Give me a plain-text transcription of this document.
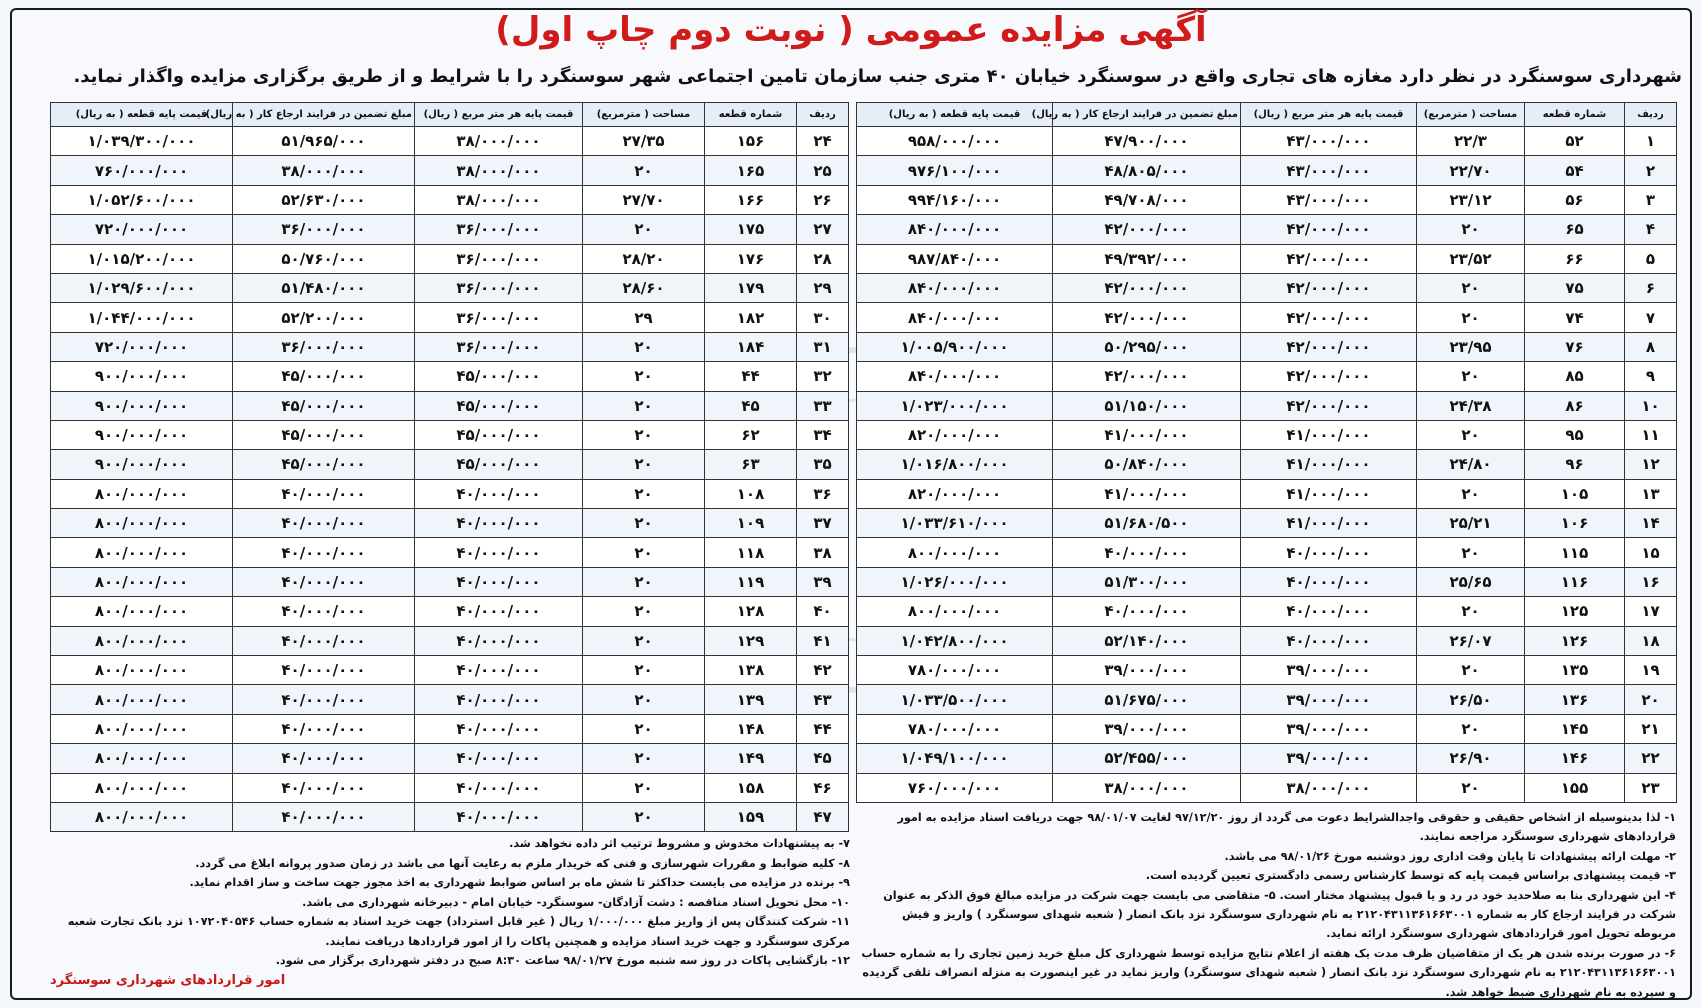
آگهی مزایده عمومی ( نوبت دوم چاپ اول)
شهرداری سوسنگرد در نظر دارد مغازه های تجاری واقع در سوسنگرد خیابان ۴۰ متری جنب سازمان تامین اجتماعی شهر سوسنگرد را با شرایط و از طریق برگزاری مزایده واگذار نماید.
ردیف	شماره قطعه	مساحت ( مترمربع)	قیمت پایه هر متر مربع ( ریال)	مبلغ تضمین در فرایند ارجاع کار ( به ریال)	قیمت پایه قطعه ( به ریال)
۱	۵۲	۲۲/۳	۴۳/۰۰۰/۰۰۰	۴۷/۹۰۰/۰۰۰	۹۵۸/۰۰۰/۰۰۰
۲	۵۴	۲۲/۷۰	۴۳/۰۰۰/۰۰۰	۴۸/۸۰۵/۰۰۰	۹۷۶/۱۰۰/۰۰۰
۳	۵۶	۲۳/۱۲	۴۳/۰۰۰/۰۰۰	۴۹/۷۰۸/۰۰۰	۹۹۴/۱۶۰/۰۰۰
۴	۶۵	۲۰	۴۲/۰۰۰/۰۰۰	۴۲/۰۰۰/۰۰۰	۸۴۰/۰۰۰/۰۰۰
۵	۶۶	۲۳/۵۲	۴۲/۰۰۰/۰۰۰	۴۹/۳۹۲/۰۰۰	۹۸۷/۸۴۰/۰۰۰
۶	۷۵	۲۰	۴۲/۰۰۰/۰۰۰	۴۲/۰۰۰/۰۰۰	۸۴۰/۰۰۰/۰۰۰
۷	۷۴	۲۰	۴۲/۰۰۰/۰۰۰	۴۲/۰۰۰/۰۰۰	۸۴۰/۰۰۰/۰۰۰
۸	۷۶	۲۳/۹۵	۴۲/۰۰۰/۰۰۰	۵۰/۲۹۵/۰۰۰	۱/۰۰۵/۹۰۰/۰۰۰
۹	۸۵	۲۰	۴۲/۰۰۰/۰۰۰	۴۲/۰۰۰/۰۰۰	۸۴۰/۰۰۰/۰۰۰
۱۰	۸۶	۲۴/۳۸	۴۲/۰۰۰/۰۰۰	۵۱/۱۵۰/۰۰۰	۱/۰۲۳/۰۰۰/۰۰۰
۱۱	۹۵	۲۰	۴۱/۰۰۰/۰۰۰	۴۱/۰۰۰/۰۰۰	۸۲۰/۰۰۰/۰۰۰
۱۲	۹۶	۲۴/۸۰	۴۱/۰۰۰/۰۰۰	۵۰/۸۴۰/۰۰۰	۱/۰۱۶/۸۰۰/۰۰۰
۱۳	۱۰۵	۲۰	۴۱/۰۰۰/۰۰۰	۴۱/۰۰۰/۰۰۰	۸۲۰/۰۰۰/۰۰۰
۱۴	۱۰۶	۲۵/۲۱	۴۱/۰۰۰/۰۰۰	۵۱/۶۸۰/۵۰۰	۱/۰۳۳/۶۱۰/۰۰۰
۱۵	۱۱۵	۲۰	۴۰/۰۰۰/۰۰۰	۴۰/۰۰۰/۰۰۰	۸۰۰/۰۰۰/۰۰۰
۱۶	۱۱۶	۲۵/۶۵	۴۰/۰۰۰/۰۰۰	۵۱/۳۰۰/۰۰۰	۱/۰۲۶/۰۰۰/۰۰۰
۱۷	۱۲۵	۲۰	۴۰/۰۰۰/۰۰۰	۴۰/۰۰۰/۰۰۰	۸۰۰/۰۰۰/۰۰۰
۱۸	۱۲۶	۲۶/۰۷	۴۰/۰۰۰/۰۰۰	۵۲/۱۴۰/۰۰۰	۱/۰۴۲/۸۰۰/۰۰۰
۱۹	۱۳۵	۲۰	۳۹/۰۰۰/۰۰۰	۳۹/۰۰۰/۰۰۰	۷۸۰/۰۰۰/۰۰۰
۲۰	۱۳۶	۲۶/۵۰	۳۹/۰۰۰/۰۰۰	۵۱/۶۷۵/۰۰۰	۱/۰۳۳/۵۰۰/۰۰۰
۲۱	۱۴۵	۲۰	۳۹/۰۰۰/۰۰۰	۳۹/۰۰۰/۰۰۰	۷۸۰/۰۰۰/۰۰۰
۲۲	۱۴۶	۲۶/۹۰	۳۹/۰۰۰/۰۰۰	۵۲/۴۵۵/۰۰۰	۱/۰۴۹/۱۰۰/۰۰۰
۲۳	۱۵۵	۲۰	۳۸/۰۰۰/۰۰۰	۳۸/۰۰۰/۰۰۰	۷۶۰/۰۰۰/۰۰۰
ردیف	شماره قطعه	مساحت ( مترمربع)	قیمت پایه هر متر مربع ( ریال)	مبلغ تضمین در فرایند ارجاع کار ( به ریال)	قیمت پایه قطعه ( به ریال)
۲۴	۱۵۶	۲۷/۳۵	۳۸/۰۰۰/۰۰۰	۵۱/۹۶۵/۰۰۰	۱/۰۳۹/۳۰۰/۰۰۰
۲۵	۱۶۵	۲۰	۳۸/۰۰۰/۰۰۰	۳۸/۰۰۰/۰۰۰	۷۶۰/۰۰۰/۰۰۰
۲۶	۱۶۶	۲۷/۷۰	۳۸/۰۰۰/۰۰۰	۵۲/۶۳۰/۰۰۰	۱/۰۵۲/۶۰۰/۰۰۰
۲۷	۱۷۵	۲۰	۳۶/۰۰۰/۰۰۰	۳۶/۰۰۰/۰۰۰	۷۲۰/۰۰۰/۰۰۰
۲۸	۱۷۶	۲۸/۲۰	۳۶/۰۰۰/۰۰۰	۵۰/۷۶۰/۰۰۰	۱/۰۱۵/۲۰۰/۰۰۰
۲۹	۱۷۹	۲۸/۶۰	۳۶/۰۰۰/۰۰۰	۵۱/۴۸۰/۰۰۰	۱/۰۲۹/۶۰۰/۰۰۰
۳۰	۱۸۲	۲۹	۳۶/۰۰۰/۰۰۰	۵۲/۲۰۰/۰۰۰	۱/۰۴۴/۰۰۰/۰۰۰
۳۱	۱۸۴	۲۰	۳۶/۰۰۰/۰۰۰	۳۶/۰۰۰/۰۰۰	۷۲۰/۰۰۰/۰۰۰
۳۲	۴۴	۲۰	۴۵/۰۰۰/۰۰۰	۴۵/۰۰۰/۰۰۰	۹۰۰/۰۰۰/۰۰۰
۳۳	۴۵	۲۰	۴۵/۰۰۰/۰۰۰	۴۵/۰۰۰/۰۰۰	۹۰۰/۰۰۰/۰۰۰
۳۴	۶۲	۲۰	۴۵/۰۰۰/۰۰۰	۴۵/۰۰۰/۰۰۰	۹۰۰/۰۰۰/۰۰۰
۳۵	۶۳	۲۰	۴۵/۰۰۰/۰۰۰	۴۵/۰۰۰/۰۰۰	۹۰۰/۰۰۰/۰۰۰
۳۶	۱۰۸	۲۰	۴۰/۰۰۰/۰۰۰	۴۰/۰۰۰/۰۰۰	۸۰۰/۰۰۰/۰۰۰
۳۷	۱۰۹	۲۰	۴۰/۰۰۰/۰۰۰	۴۰/۰۰۰/۰۰۰	۸۰۰/۰۰۰/۰۰۰
۳۸	۱۱۸	۲۰	۴۰/۰۰۰/۰۰۰	۴۰/۰۰۰/۰۰۰	۸۰۰/۰۰۰/۰۰۰
۳۹	۱۱۹	۲۰	۴۰/۰۰۰/۰۰۰	۴۰/۰۰۰/۰۰۰	۸۰۰/۰۰۰/۰۰۰
۴۰	۱۲۸	۲۰	۴۰/۰۰۰/۰۰۰	۴۰/۰۰۰/۰۰۰	۸۰۰/۰۰۰/۰۰۰
۴۱	۱۲۹	۲۰	۴۰/۰۰۰/۰۰۰	۴۰/۰۰۰/۰۰۰	۸۰۰/۰۰۰/۰۰۰
۴۲	۱۳۸	۲۰	۴۰/۰۰۰/۰۰۰	۴۰/۰۰۰/۰۰۰	۸۰۰/۰۰۰/۰۰۰
۴۳	۱۳۹	۲۰	۴۰/۰۰۰/۰۰۰	۴۰/۰۰۰/۰۰۰	۸۰۰/۰۰۰/۰۰۰
۴۴	۱۴۸	۲۰	۴۰/۰۰۰/۰۰۰	۴۰/۰۰۰/۰۰۰	۸۰۰/۰۰۰/۰۰۰
۴۵	۱۴۹	۲۰	۴۰/۰۰۰/۰۰۰	۴۰/۰۰۰/۰۰۰	۸۰۰/۰۰۰/۰۰۰
۴۶	۱۵۸	۲۰	۴۰/۰۰۰/۰۰۰	۴۰/۰۰۰/۰۰۰	۸۰۰/۰۰۰/۰۰۰
۴۷	۱۵۹	۲۰	۴۰/۰۰۰/۰۰۰	۴۰/۰۰۰/۰۰۰	۸۰۰/۰۰۰/۰۰۰	۱- لذا بدینوسیله از اشخاص حقیقی و حقوقی واجدالشرایط دعوت می گردد از روز ۹۷/۱۲/۲۰ لغایت ۹۸/۰۱/۰۷ جهت دریافت اسناد مزایده به امور قراردادهای شهرداری سوسنگرد مراجعه نمایند.
۲- مهلت ارائه پیشنهادات تا پایان وقت اداری روز دوشنبه مورخ ۹۸/۰۱/۲۶ می باشد.
۳- قیمت پیشنهادی براساس قیمت پایه که توسط کارشناس رسمی دادگستری تعیین گردیده است.
۴- این شهرداری بنا به صلاحدید خود در رد و یا قبول پیشنهاد مختار است. ۵- متقاضی می بایست جهت شرکت در مزایده مبالغ فوق الذکر به عنوان شرکت در فرایند ارجاع کار به شماره ۲۱۲۰۴۳۱۱۳۶۱۶۶۳۰۰۱ به نام شهرداری سوسنگرد نزد بانک انصار ( شعبه شهدای سوسنگرد ) واریز و فیش مربوطه تحویل امور قراردادهای شهرداری سوسنگرد ارائه نماید.
۶- در صورت برنده شدن هر یک از متقاضیان ظرف مدت یک هفته از اعلام نتایج مزایده توسط شهرداری کل مبلغ خرید زمین تجاری را به شماره حساب ۲۱۲۰۴۳۱۱۳۶۱۶۶۳۰۰۱ به نام شهرداری سوسنگرد نزد بانک انصار ( شعبه شهدای سوسنگرد) واریز نماید در غیر اینصورت به منزله انصراف تلقی گردیده و سپرده به نام شهرداری ضبط خواهد شد.
۷- به پیشنهادات مخدوش و مشروط ترتیب اثر داده نخواهد شد.
۸- کلیه ضوابط و مقررات شهرسازی و فنی که خریدار ملزم به رعایت آنها می باشد در زمان صدور پروانه ابلاغ می گردد.
۹- برنده در مزایده می بایست حداکثر تا شش ماه بر اساس ضوابط شهرداری به اخذ مجوز جهت ساخت و ساز اقدام نماید.
۱۰- محل تحویل اسناد مناقصه : دشت آزادگان- سوسنگرد- خیابان امام - دبیرخانه شهرداری می باشد.
۱۱- شرکت کنندگان پس از واریز مبلغ ۱/۰۰۰/۰۰۰ ریال ( غیر قابل استرداد) جهت خرید اسناد به شماره حساب ۱۰۷۲۰۴۰۵۴۶ نزد بانک تجارت شعبه مرکزی سوسنگرد و جهت خرید اسناد مزایده و همچنین پاکات را از امور قراردادها دریافت نمایند.
۱۲- بازگشایی پاکات در روز سه شنبه مورخ ۹۸/۰۱/۲۷ ساعت ۸:۳۰ صبح در دفتر شهرداری برگزار می شود.
امور قراردادهای شهرداری سوسنگرد
